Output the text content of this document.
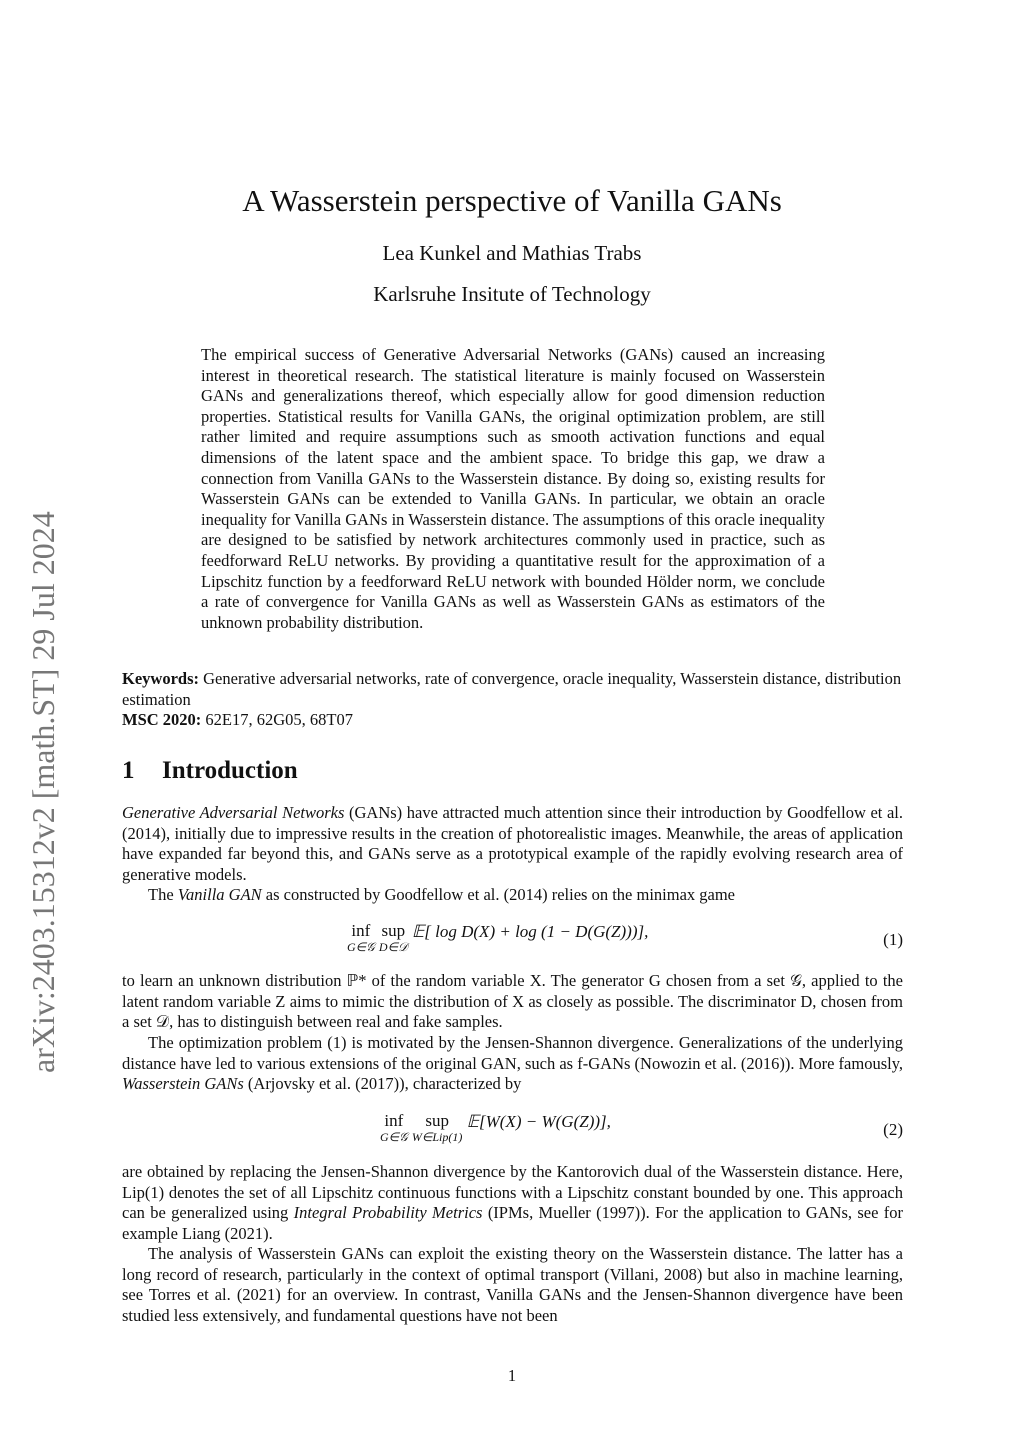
arXiv:2403.15312v2 [math.ST] 29 Jul 2024
A Wasserstein perspective of Vanilla GANs
Lea Kunkel and Mathias Trabs
Karlsruhe Insitute of Technology
The empirical success of Generative Adversarial Networks (GANs) caused an increasing interest in theoretical research. The statistical literature is mainly focused on Wasserstein GANs and generalizations thereof, which especially allow for good dimension reduction properties. Statistical results for Vanilla GANs, the original optimization problem, are still rather limited and require assumptions such as smooth activation functions and equal dimensions of the latent space and the ambient space. To bridge this gap, we draw a connection from Vanilla GANs to the Wasserstein distance. By doing so, existing results for Wasserstein GANs can be extended to Vanilla GANs. In particular, we obtain an oracle inequality for Vanilla GANs in Wasserstein distance. The assumptions of this oracle inequality are designed to be satisfied by network architectures commonly used in practice, such as feedforward ReLU networks. By providing a quantitative result for the approximation of a Lipschitz function by a feedforward ReLU network with bounded Hölder norm, we conclude a rate of convergence for Vanilla GANs as well as Wasserstein GANs as estimators of the unknown probability distribution.
Keywords: Generative adversarial networks, rate of convergence, oracle inequality, Wasserstein distance, distribution estimation
MSC 2020: 62E17, 62G05, 68T07
1 Introduction
Generative Adversarial Networks (GANs) have attracted much attention since their introduction by Goodfellow et al. (2014), initially due to impressive results in the creation of photorealistic images. Meanwhile, the areas of application have expanded far beyond this, and GANs serve as a prototypical example of the rapidly evolving research area of generative models.
The Vanilla GAN as constructed by Goodfellow et al. (2014) relies on the minimax game
inf
G∈𝒢
sup
D∈𝒟
𝔼[ log D(X) + log (1 − D(G(Z)))],	(1)
to learn an unknown distribution ℙ* of the random variable X. The generator G chosen from a set 𝒢, applied to the latent random variable Z aims to mimic the distribution of X as closely as possible. The discriminator D, chosen from a set 𝒟, has to distinguish between real and fake samples.
The optimization problem (1) is motivated by the Jensen-Shannon divergence. Generalizations of the underlying distance have led to various extensions of the original GAN, such as f-GANs (Nowozin et al. (2016)). More famously, Wasserstein GANs (Arjovsky et al. (2017)), characterized by
inf
G∈𝒢
sup
W∈Lip(1)
𝔼[W(X) − W(G(Z))],	(2)
are obtained by replacing the Jensen-Shannon divergence by the Kantorovich dual of the Wasserstein distance. Here, Lip(1) denotes the set of all Lipschitz continuous functions with a Lipschitz constant bounded by one. This approach can be generalized using Integral Probability Metrics (IPMs, Mueller (1997)). For the application to GANs, see for example Liang (2021).
The analysis of Wasserstein GANs can exploit the existing theory on the Wasserstein distance. The latter has a long record of research, particularly in the context of optimal transport (Villani, 2008) but also in machine learning, see Torres et al. (2021) for an overview. In contrast, Vanilla GANs and the Jensen-Shannon divergence have been studied less extensively, and fundamental questions have not been
1
